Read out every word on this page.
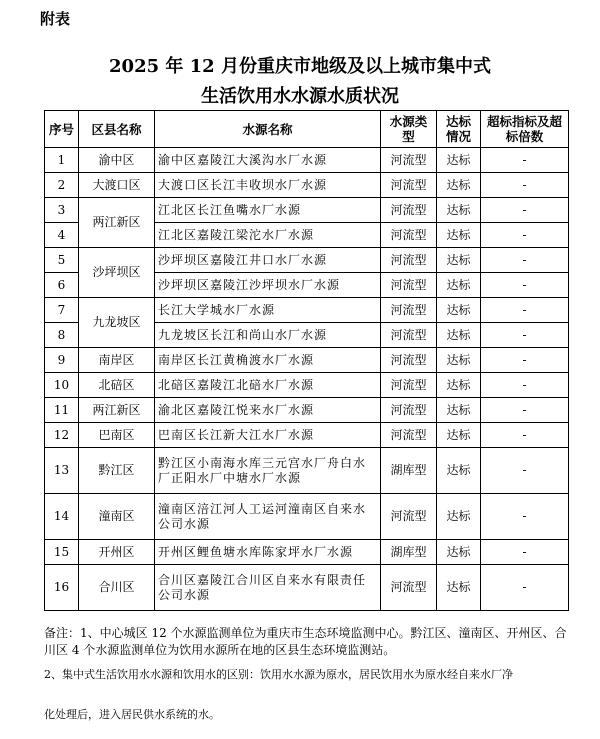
附表
2025 年 12 月份重庆市地级及以上城市集中式
生活饮用水水源水质状况
序号	区县名称	水源名称	水源类型	达标情况	超标指标及超标倍数
1	渝中区	渝中区嘉陵江大溪沟水厂水源	河流型	达标	-
2	大渡口区	大渡口区长江丰收坝水厂水源	河流型	达标	-
3	两江新区	江北区长江鱼嘴水厂水源	河流型	达标	-
4		江北区嘉陵江梁沱水厂水源	河流型	达标	-
5	沙坪坝区	沙坪坝区嘉陵江井口水厂水源	河流型	达标	-
6		沙坪坝区嘉陵江沙坪坝水厂水源	河流型	达标	-
7	九龙坡区	长江大学城水厂水源	河流型	达标	-
8		九龙坡区长江和尚山水厂水源	河流型	达标	-
9	南岸区	南岸区长江黄桷渡水厂水源	河流型	达标	-
10	北碚区	北碚区嘉陵江北碚水厂水源	河流型	达标	-
11	两江新区	渝北区嘉陵江悦来水厂水源	河流型	达标	-
12	巴南区	巴南区长江新大江水厂水源	河流型	达标	-
13	黔江区	黔江区小南海水库三元宫水厂舟白水厂正阳水厂中塘水厂水源	湖库型	达标	-
14	潼南区	潼南区涪江河人工运河潼南区自来水公司水源	河流型	达标	-
15	开州区	开州区鲤鱼塘水库陈家坪水厂水源	湖库型	达标	-
16	合川区	合川区嘉陵江合川区自来水有限责任公司水源	河流型	达标	-
备注：1、中心城区 12 个水源监测单位为重庆市生态环境监测中心。黔江区、潼南区、开州区、合川区 4 个水源监测单位为饮用水源所在地的区县生态环境监测站。
2、集中式生活饮用水水源和饮用水的区别：饮用水水源为原水，居民饮用水为原水经自来水厂净
化处理后，进入居民供水系统的水。
